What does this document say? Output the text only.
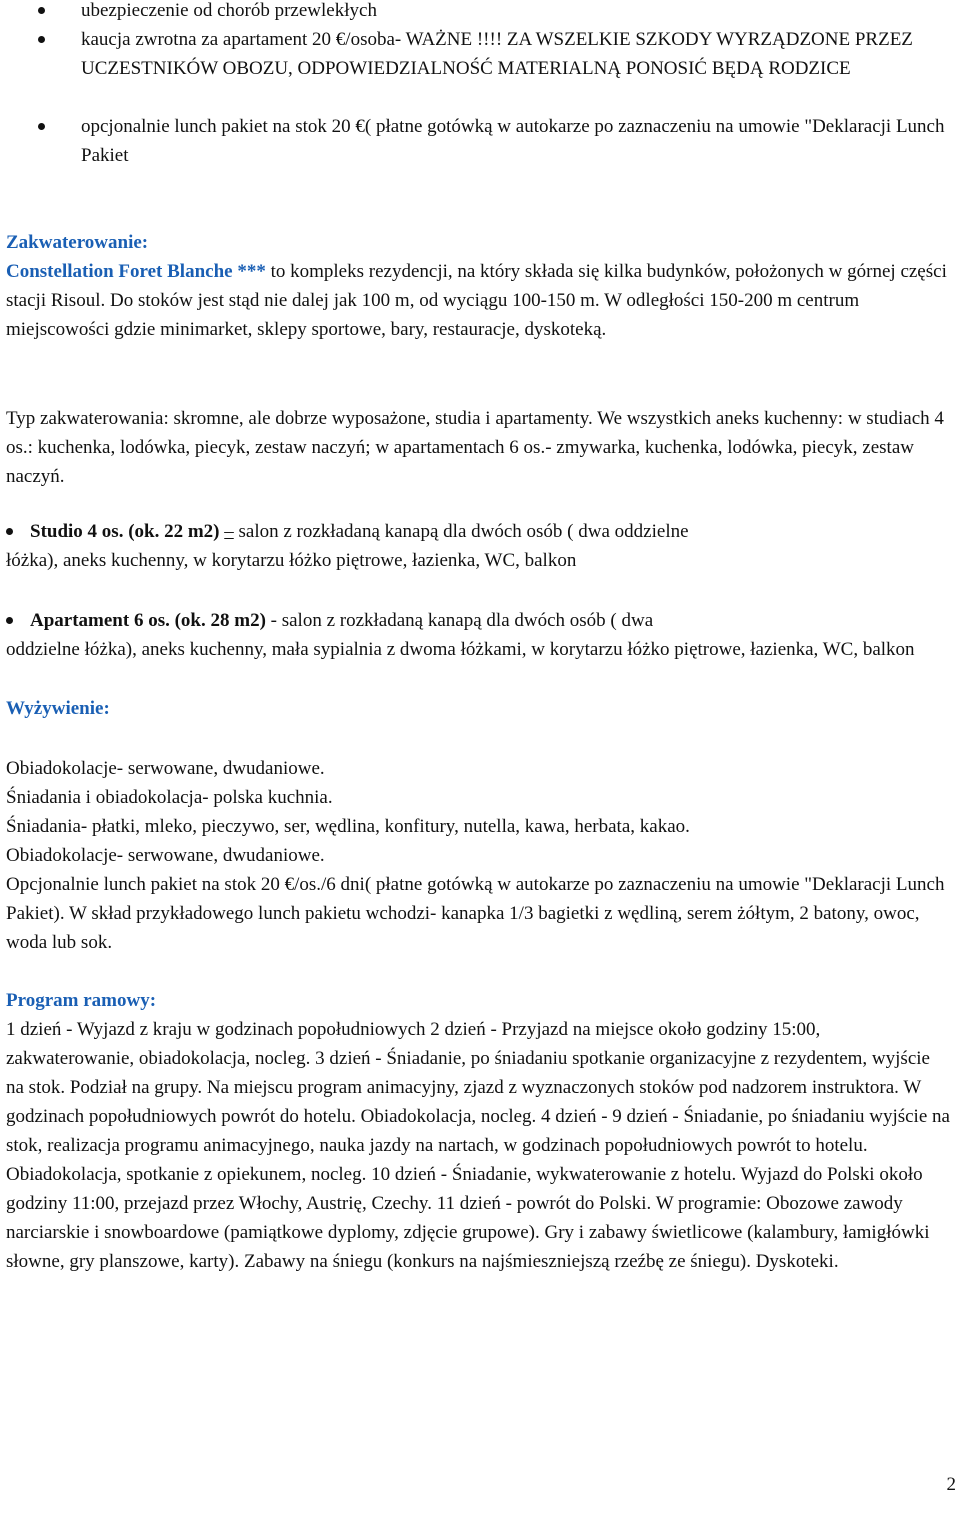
ubezpieczenie od chorób przewlekłych
kaucja zwrotna za apartament 20 €/osoba- WAŻNE !!!! ZA WSZELKIE SZKODY WYRZĄDZONE PRZEZ UCZESTNIKÓW OBOZU, ODPOWIEDZIALNOŚĆ MATERIALNĄ PONOSIĆ BĘDĄ RODZICE
opcjonalnie lunch pakiet na stok 20 €( płatne gotówką w autokarze po zaznaczeniu na umowie "Deklaracji Lunch Pakiet
Zakwaterowanie:

Constellation Foret Blanche *** to kompleks rezydencji, na który składa się kilka budynków, położonych w górnej części stacji Risoul. Do stoków jest stąd nie dalej jak 100 m, od wyciągu 100-150 m. W odległości 150-200 m centrum miejscowości gdzie minimarket, sklepy sportowe, bary, restauracje, dyskoteką.

Typ zakwaterowania: skromne, ale dobrze wyposażone, studia i apartamenty. We wszystkich aneks kuchenny: w studiach 4 os.: kuchenka, lodówka, piecyk, zestaw naczyń; w apartamentach 6 os.- zmywarka, kuchenka, lodówka, piecyk, zestaw naczyń.

Studio 4 os. (ok. 22 m2) – salon z rozkładaną kanapą dla dwóch osób ( dwa oddzielne
łóżka), aneks kuchenny, w korytarzu łóżko piętrowe, łazienka, WC, balkon
Apartament 6 os. (ok. 28 m2) - salon z rozkładaną kanapą dla dwóch osób ( dwa
oddzielne łóżka), aneks kuchenny, mała sypialnia z dwoma łóżkami, w korytarzu łóżko piętrowe, łazienka, WC, balkon
Wyżywienie:
Obiadokolacje- serwowane, dwudaniowe.
Śniadania i obiadokolacja- polska kuchnia.
Śniadania- płatki, mleko, pieczywo, ser, wędlina, konfitury, nutella, kawa, herbata, kakao.
Obiadokolacje- serwowane, dwudaniowe.

Opcjonalnie lunch pakiet na stok 20 €/os./6 dni( płatne gotówką w autokarze po zaznaczeniu na umowie "Deklaracji Lunch Pakiet). W skład przykładowego lunch pakietu wchodzi- kanapka 1/3 bagietki z wędliną, serem żółtym, 2 batony, owoc, woda lub sok.

Program ramowy:

1 dzień - Wyjazd z kraju w godzinach popołudniowych 2 dzień - Przyjazd na miejsce około godziny 15:00, zakwaterowanie, obiadokolacja, nocleg. 3 dzień - Śniadanie, po śniadaniu spotkanie organizacyjne z rezydentem, wyjście na stok. Podział na grupy. Na miejscu program animacyjny, zjazd z wyznaczonych stoków pod nadzorem instruktora. W godzinach popołudniowych powrót do hotelu. Obiadokolacja, nocleg. 4 dzień - 9 dzień - Śniadanie, po śniadaniu wyjście na stok, realizacja programu animacyjnego, nauka jazdy na nartach, w godzinach popołudniowych powrót to hotelu. Obiadokolacja, spotkanie z opiekunem, nocleg. 10 dzień - Śniadanie, wykwaterowanie z hotelu. Wyjazd do Polski około godziny 11:00, przejazd przez Włochy, Austrię, Czechy. 11 dzień - powrót do Polski. W programie: Obozowe zawody narciarskie i snowboardowe (pamiątkowe dyplomy, zdjęcie grupowe). Gry i zabawy świetlicowe (kalambury, łamigłówki słowne, gry planszowe, karty). Zabawy na śniegu (konkurs na najśmieszniejszą rzeźbę ze śniegu). Dyskoteki.

2
